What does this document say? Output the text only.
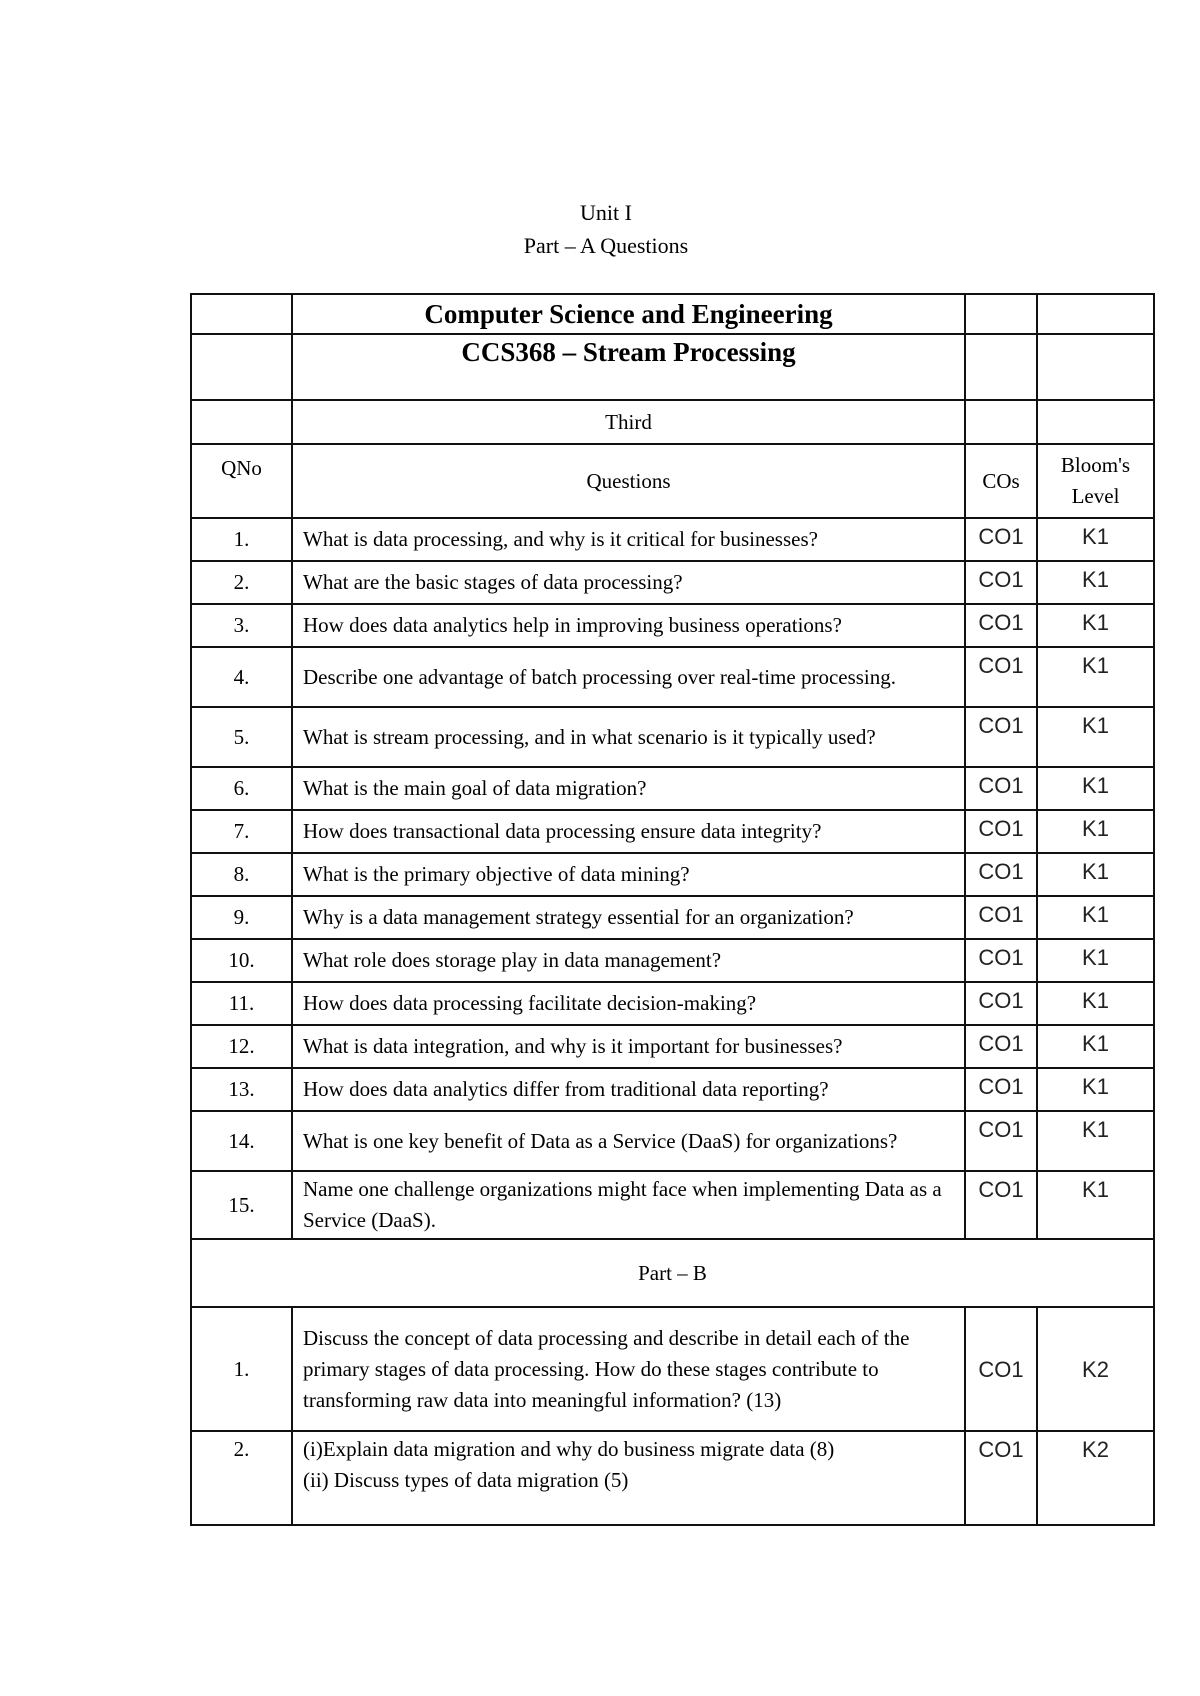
Unit I
Part – A Questions
	Computer Science and Engineering		
	CCS368 – Stream Processing		
	Third		
QNo	Questions	COs	Bloom's Level
1.	What is data processing, and why is it critical for businesses?	CO1	K1
2.	What are the basic stages of data processing?	CO1	K1
3.	How does data analytics help in improving business operations?	CO1	K1
4.	Describe one advantage of batch processing over real-time processing.	CO1	K1
5.	What is stream processing, and in what scenario is it typically used?	CO1	K1
6.	What is the main goal of data migration?	CO1	K1
7.	How does transactional data processing ensure data integrity?	CO1	K1
8.	What is the primary objective of data mining?	CO1	K1
9.	Why is a data management strategy essential for an organization?	CO1	K1
10.	What role does storage play in data management?	CO1	K1
11.	How does data processing facilitate decision-making?	CO1	K1
12.	What is data integration, and why is it important for businesses?	CO1	K1
13.	How does data analytics differ from traditional data reporting?	CO1	K1
14.	What is one key benefit of Data as a Service (DaaS) for organizations?	CO1	K1
15.	Name one challenge organizations might face when implementing Data as a Service (DaaS).	CO1	K1
Part – B			
1.	Discuss the concept of data processing and describe in detail each of the primary stages of data processing. How do these stages contribute to transforming raw data into meaningful information? (13)	CO1	K2
2.	(i)Explain data migration and why do business migrate data (8)
(ii) Discuss types of data migration (5)	CO1	K2
